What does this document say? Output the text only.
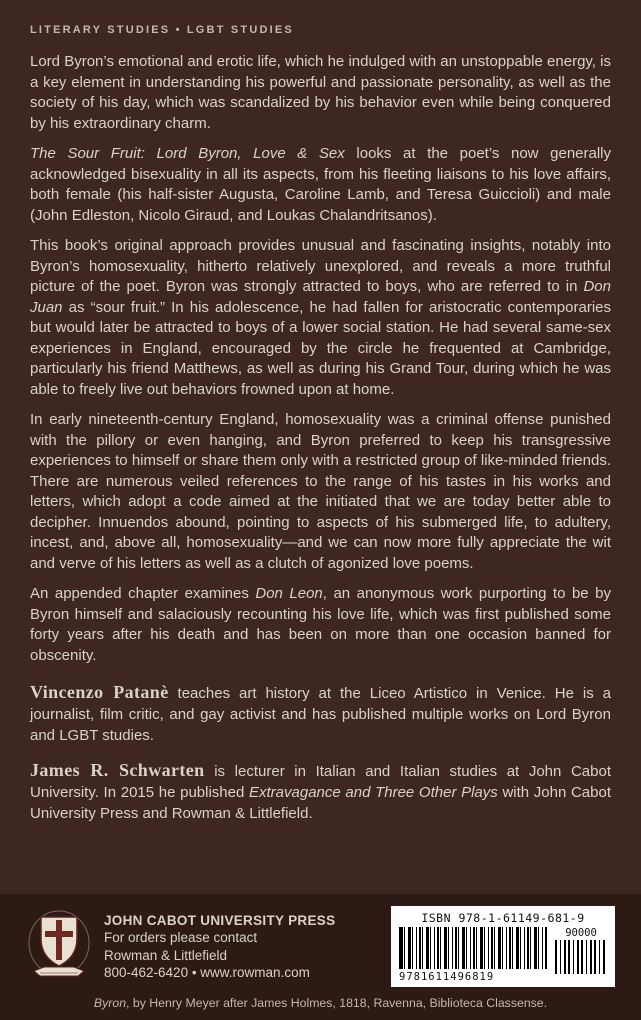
LITERARY STUDIES • LGBT STUDIES

Lord Byron’s emotional and erotic life, which he indulged with an unstoppable energy, is a key element in understanding his powerful and passionate personality, as well as the society of his day, which was scandalized by his behavior even while being conquered by his extraordinary charm.

The Sour Fruit: Lord Byron, Love & Sex looks at the poet’s now generally acknowledged bisexuality in all its aspects, from his fleeting liaisons to his love affairs, both female (his half-sister Augusta, Caroline Lamb, and Teresa Guiccioli) and male (John Edleston, Nicolo Giraud, and Loukas Chalandritsanos).

This book’s original approach provides unusual and fascinating insights, notably into Byron’s homosexuality, hitherto relatively unexplored, and reveals a more truthful picture of the poet. Byron was strongly attracted to boys, who are referred to in Don Juan as “sour fruit.” In his adolescence, he had fallen for aristocratic contemporaries but would later be attracted to boys of a lower social station. He had several same-sex experiences in England, encouraged by the circle he frequented at Cambridge, particularly his friend Matthews, as well as during his Grand Tour, during which he was able to freely live out behaviors frowned upon at home.

In early nineteenth-century England, homosexuality was a criminal offense punished with the pillory or even hanging, and Byron preferred to keep his transgressive experiences to himself or share them only with a restricted group of like-minded friends. There are numerous veiled references to the range of his tastes in his works and letters, which adopt a code aimed at the initiated that we are today better able to decipher. Innuendos abound, pointing to aspects of his submerged life, to adultery, incest, and, above all, homosexuality—and we can now more fully appreciate the wit and verve of his letters as well as a clutch of agonized love poems.

An appended chapter examines Don Leon, an anonymous work purporting to be by Byron himself and salaciously recounting his love life, which was first published some forty years after his death and has been on more than one occasion banned for obscenity.

Vincenzo Patanè teaches art history at the Liceo Artistico in Venice. He is a journalist, film critic, and gay activist and has published multiple works on Lord Byron and LGBT studies.

James R. Schwarten is lecturer in Italian and Italian studies at John Cabot University. In 2015 he published Extravagance and Three Other Plays with John Cabot University Press and Rowman & Littlefield.

JOHN CABOT UNIVERSITY PRESS
For orders please contact
Rowman & Littlefield
800-462-6420 • www.rowman.com
ISBN 978-1-61149-681-9
9781611496819
90000
Byron, by Henry Meyer after James Holmes, 1818, Ravenna, Biblioteca Classense.
